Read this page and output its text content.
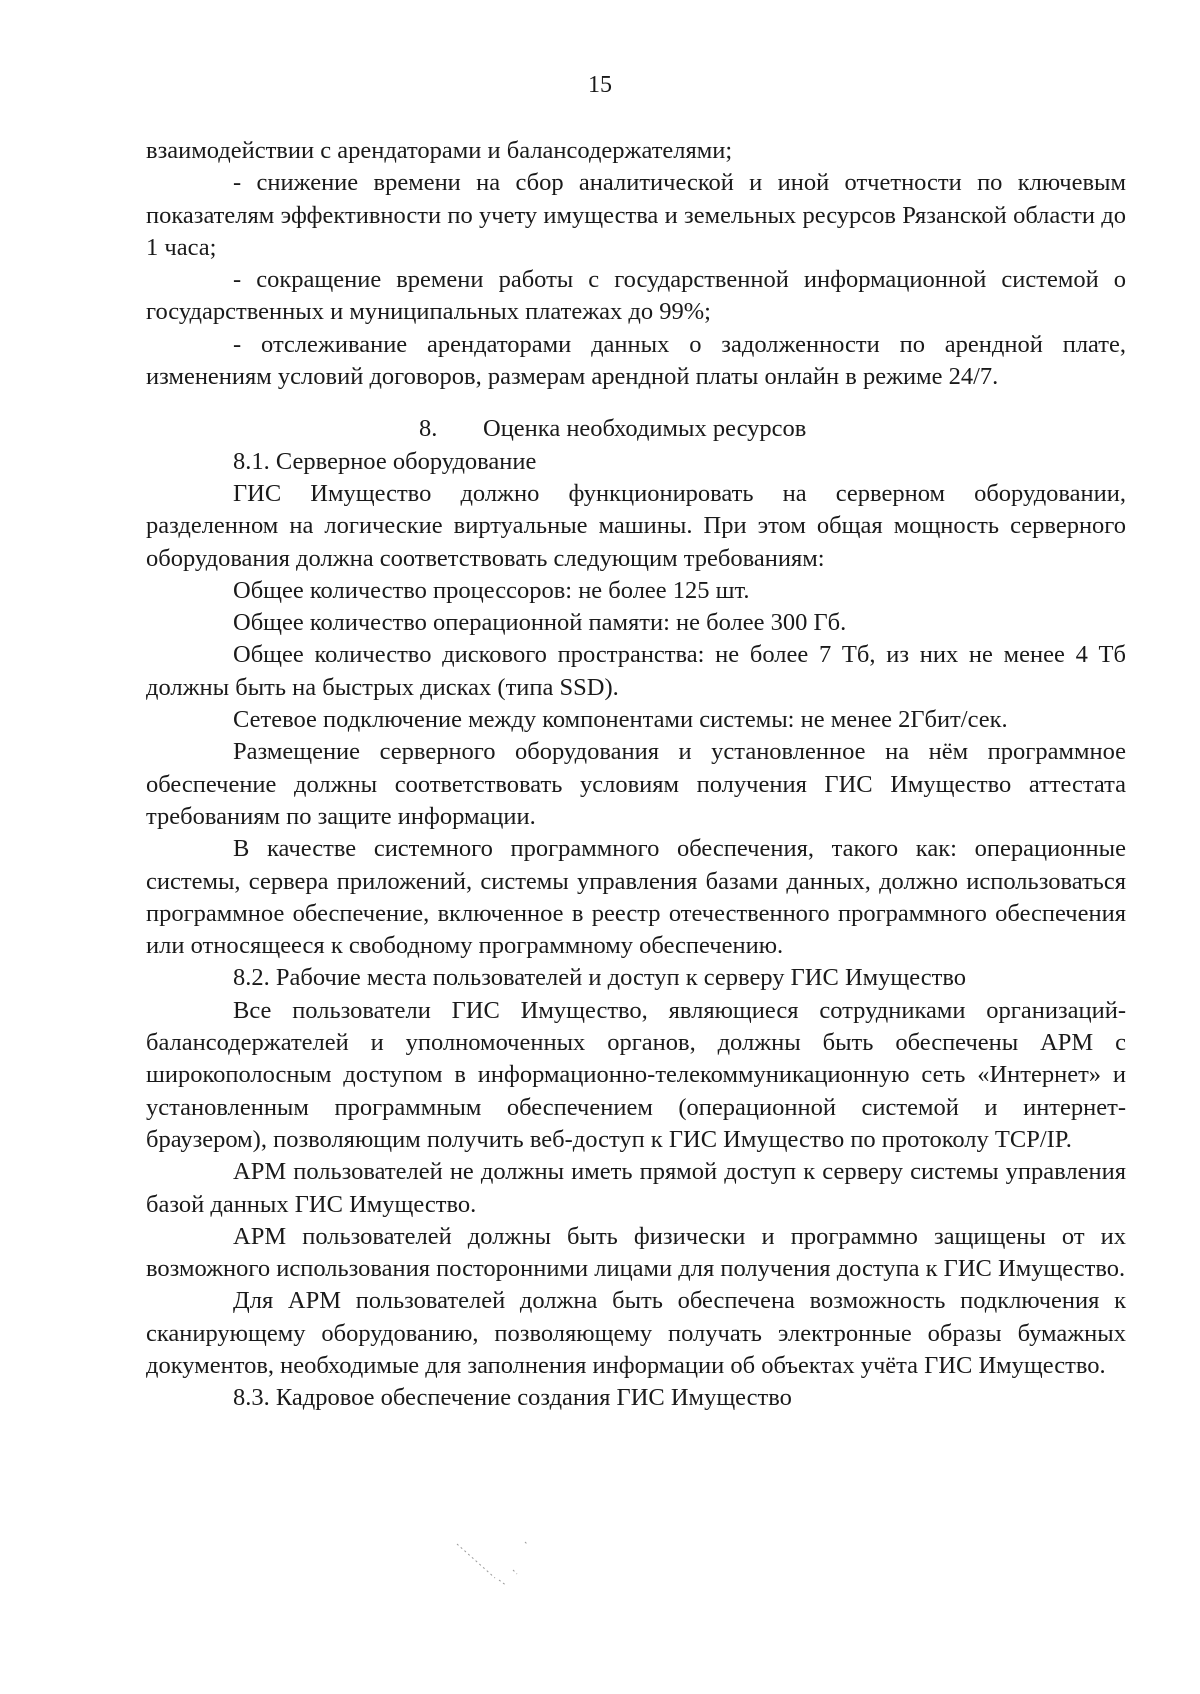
15

взаимодействии с арендаторами и балансодержателями;

- снижение времени на сбор аналитической и иной отчетности по ключевым показателям эффективности по учету имущества и земельных ресурсов Рязанской области до 1 часа;

- сокращение времени работы с государственной информационной системой о государственных и муниципальных платежах до 99%;

- отслеживание арендаторами данных о задолженности по арендной плате, изменениям условий договоров, размерам арендной платы онлайн в режиме 24/7.

8. Оценка необходимых ресурсов

8.1. Серверное оборудование

ГИС Имущество должно функционировать на серверном оборудовании, разделенном на логические виртуальные машины. При этом общая мощность серверного оборудования должна соответствовать следующим требованиям:

Общее количество процессоров: не более 125 шт.

Общее количество операционной памяти: не более 300 Гб.

Общее количество дискового пространства: не более 7 Тб, из них не менее 4 Тб должны быть на быстрых дисках (типа SSD).

Сетевое подключение между компонентами системы: не менее 2Гбит/сек.

Размещение серверного оборудования и установленное на нём программное обеспечение должны соответствовать условиям получения ГИС Имущество аттестата требованиям по защите информации.

В качестве системного программного обеспечения, такого как: операционные системы, сервера приложений, системы управления базами данных, должно использоваться программное обеспечение, включенное в реестр отечественного программного обеспечения или относящееся к свободному программному обеспечению.

8.2. Рабочие места пользователей и доступ к серверу ГИС Имущество

Все пользователи ГИС Имущество, являющиеся сотрудниками организаций-балансодержателей и уполномоченных органов, должны быть обеспечены АРМ с широкополосным доступом в информационно-телекоммуникационную сеть «Интернет» и установленным программным обеспечением (операционной системой и интернет-браузером), позволяющим получить веб-доступ к ГИС Имущество по протоколу TCP/IP.

АРМ пользователей не должны иметь прямой доступ к серверу системы управления базой данных ГИС Имущество.

АРМ пользователей должны быть физически и программно защищены от их возможного использования посторонними лицами для получения доступа к ГИС Имущество.

Для АРМ пользователей должна быть обеспечена возможность подключения к сканирующему оборудованию, позволяющему получать электронные образы бумажных документов, необходимые для заполнения информации об объектах учёта ГИС Имущество.

8.3. Кадровое обеспечение создания ГИС Имущество
